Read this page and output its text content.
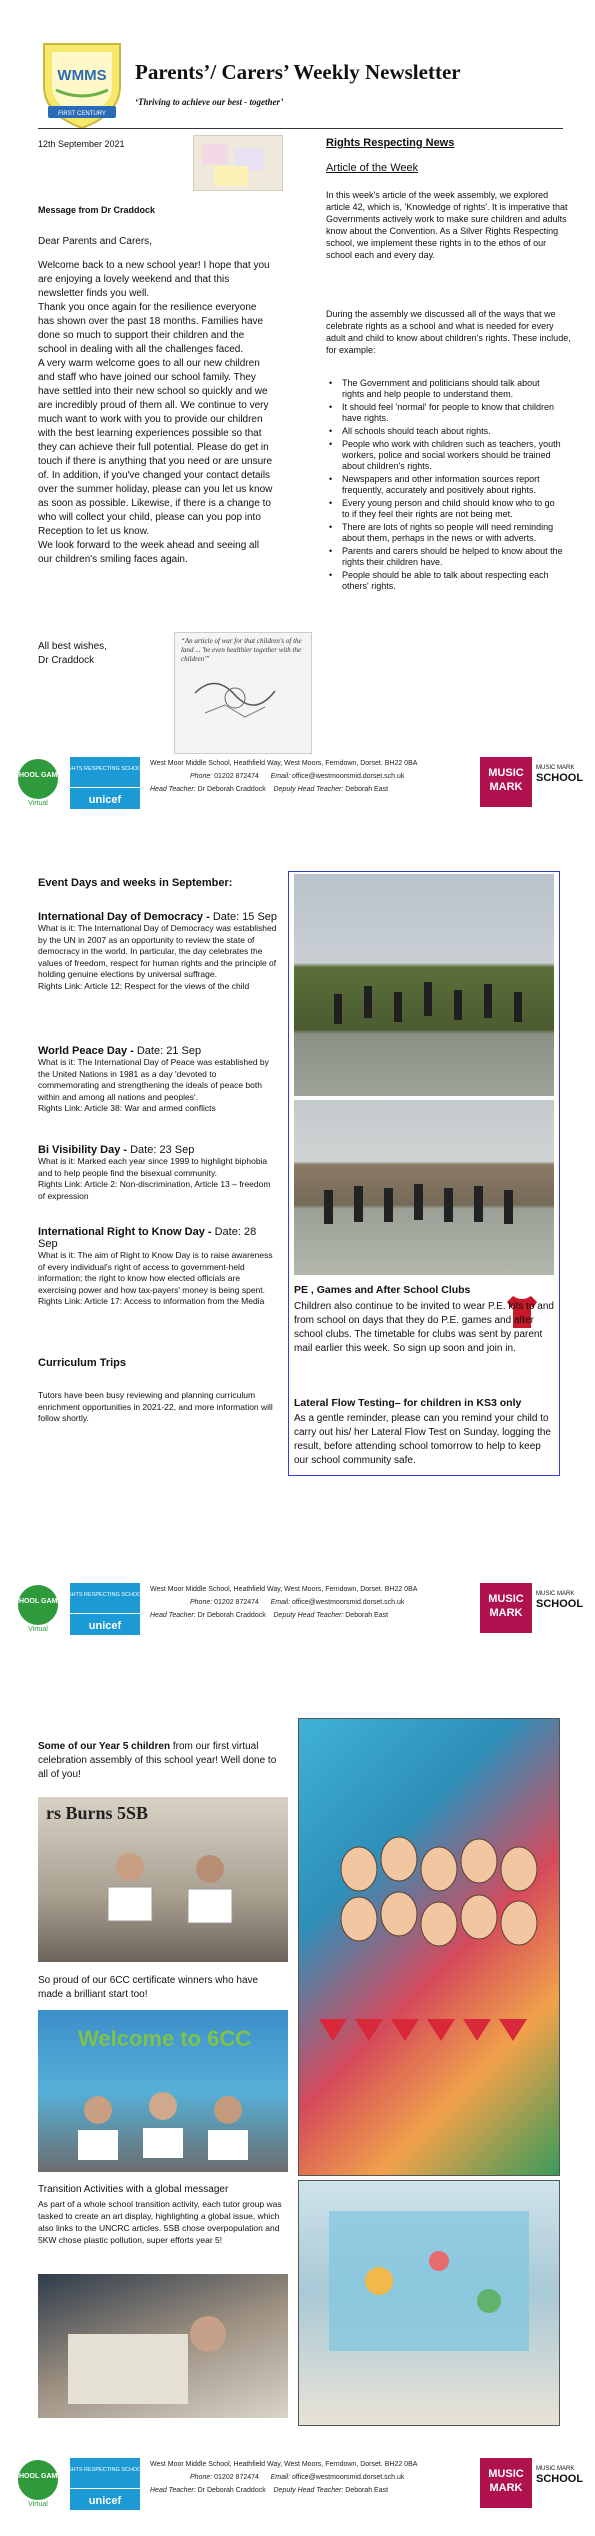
WMMS
FIRST CENTURY
Parents’/ Carers’ Weekly Newsletter
‘Thriving to achieve our best - together’
12th September 2021
Message from Dr Craddock
Dear Parents and Carers,
Welcome back to a new school year! I hope that you are enjoying a lovely weekend and that this newsletter finds you well.
Thank you once again for the resilience everyone has shown over the past 18 months. Families have done so much to support their children and the school in dealing with all the challenges faced.
A very warm welcome goes to all our new children and staff who have joined our school family. They have settled into their new school so quickly and we are incredibly proud of them all. We continue to very much want to work with you to provide our children with the best learning experiences possible so that they can achieve their full potential. Please do get in touch if there is anything that you need or are unsure of. In addition, if you've changed your contact details over the summer holiday, please can you let us know as soon as possible. Likewise, if there is a change to who will collect your child, please can you pop into Reception to let us know.
We look forward to the week ahead and seeing all our children's smiling faces again.
All best wishes,
Dr Craddock
“An article of war for that children's of the land ... 'be even healthier together with the children'”
Rights Respecting News
Article of the Week
In this week's article of the week assembly, we explored article 42, which is, 'Knowledge of rights'. It is imperative that Governments actively work to make sure children and adults know about the Convention. As a Silver Rights Respecting school, we implement these rights in to the ethos of our school each and every day.
During the assembly we discussed all of the ways that we celebrate rights as a school and what is needed for every adult and child to know about children's rights. These include, for example:
• The Government and politicians should talk about rights and help people to understand them.
• It should feel 'normal' for people to know that children have rights.
• All schools should teach about rights.
• People who work with children such as teachers, youth workers, police and social workers should be trained about children's rights.
• Newspapers and other information sources report frequently, accurately and positively about rights.
• Every young person and child should know who to go to if they feel their rights are not being met.
• There are lots of rights so people will need reminding about them, perhaps in the news or with adverts.
• Parents and carers should be helped to know about the rights their children have.
• People should be able to talk about respecting each others' rights.
SCHOOL GAMES
Virtual
RIGHTS RESPECTING SCHOOLS
unicef
West Moor Middle School, Heathfield Way, West Moors, Ferndown, Dorset. BH22 0BA
Phone: 01202 872474 Email: office@westmoorsmid.dorset.sch.uk
Head Teacher: Dr Deborah Craddock Deputy Head Teacher: Deborah East
MUSIC
MARK
MUSIC MARK
SCHOOL
Event Days and weeks in September:
International Day of Democracy - Date: 15 Sep
What is it: The International Day of Democracy was established by the UN in 2007 as an opportunity to review the state of democracy in the world. In particular, the day celebrates the values of freedom, respect for human rights and the principle of holding genuine elections by universal suffrage.
Rights Link: Article 12: Respect for the views of the child
World Peace Day - Date: 21 Sep
What is it: The International Day of Peace was established by the United Nations in 1981 as a day 'devoted to commemorating and strengthening the ideals of peace both within and among all nations and peoples'.
Rights Link: Article 38: War and armed conflicts
Bi Visibility Day - Date: 23 Sep
What is it: Marked each year since 1999 to highlight biphobia and to help people find the bisexual community.
Rights Link: Article 2: Non-discrimination, Article 13 – freedom of expression
International Right to Know Day - Date: 28 Sep
What is it: The aim of Right to Know Day is to raise awareness of every individual's right of access to government-held information; the right to know how elected officials are exercising power and how tax-payers' money is being spent.
Rights Link: Article 17: Access to information from the Media
Curriculum Trips
Tutors have been busy reviewing and planning curriculum enrichment opportunities in 2021-22, and more information will follow shortly.
PE , Games and After School Clubs
Children also continue to be invited to wear P.E. kits to and from school on days that they do P.E. games and after school clubs. The timetable for clubs was sent by parent mail earlier this week. So sign up soon and join in.
Lateral Flow Testing– for children in KS3 only
As a gentle reminder, please can you remind your child to carry out his/ her Lateral Flow Test on Sunday, logging the result, before attending school tomorrow to help to keep our school community safe.
SCHOOL GAMES
Virtual
RIGHTS RESPECTING SCHOOLS
unicef
West Moor Middle School, Heathfield Way, West Moors, Ferndown, Dorset. BH22 0BA
Phone: 01202 872474 Email: office@westmoorsmid.dorset.sch.uk
Head Teacher: Dr Deborah Craddock Deputy Head Teacher: Deborah East
MUSIC
MARK
MUSIC MARK
SCHOOL
Some of our Year 5 children from our first virtual celebration assembly of this school year! Well done to all of you!
rs Burns 5SB
So proud of our 6CC certificate winners who have made a brilliant start too!
Welcome to 6CC
Transition Activities with a global messager
As part of a whole school transition activity, each tutor group was tasked to create an art display, highlighting a global issue, which also links to the UNCRC articles. 5SB chose overpopulation and 5KW chose plastic pollution, super efforts year 5!
SCHOOL GAMES
Virtual
RIGHTS RESPECTING SCHOOLS
unicef
West Moor Middle School, Heathfield Way, West Moors, Ferndown, Dorset. BH22 0BA
Phone: 01202 872474 Email: office@westmoorsmid.dorset.sch.uk
Head Teacher: Dr Deborah Craddock Deputy Head Teacher: Deborah East
MUSIC
MARK
MUSIC MARK
SCHOOL
